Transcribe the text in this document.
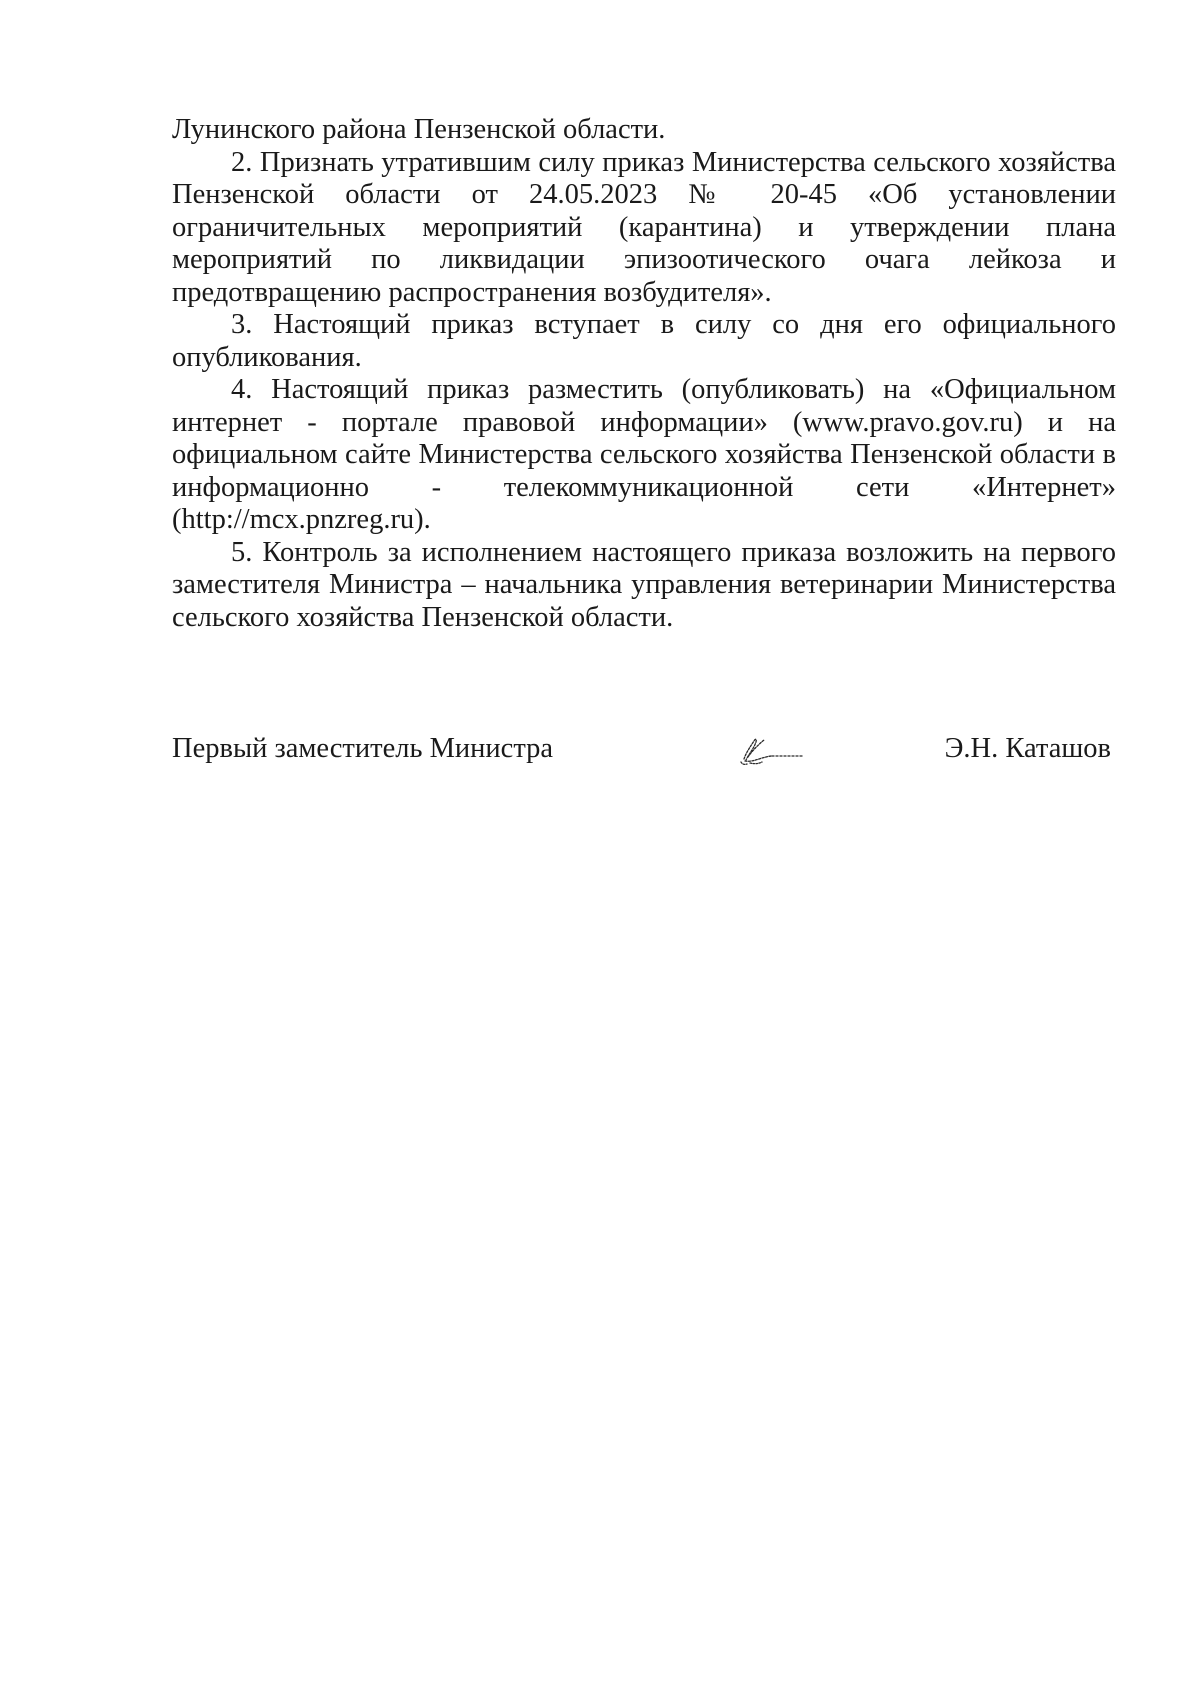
Лунинского района Пензенской области.

2. Признать утратившим силу приказ Министерства сельского хозяйства Пензенской области от 24.05.2023 № 20-45 «Об установлении ограничительных мероприятий (карантина) и утверждении плана мероприятий по ликвидации эпизоотического очага лейкоза и предотвращению распространения возбудителя».

3. Настоящий приказ вступает в силу со дня его официального опубликования.

4. Настоящий приказ разместить (опубликовать) на «Официальном интернет - портале правовой информации» (www.pravo.gov.ru) и на официальном сайте Министерства сельского хозяйства Пензенской области в информационно - телекоммуникационной сети «Интернет» (http://mcx.pnzreg.ru).

5. Контроль за исполнением настоящего приказа возложить на первого заместителя Министра – начальника управления ветеринарии Министерства сельского хозяйства Пензенской области.

Первый заместитель Министра	Э.Н. Каташов
